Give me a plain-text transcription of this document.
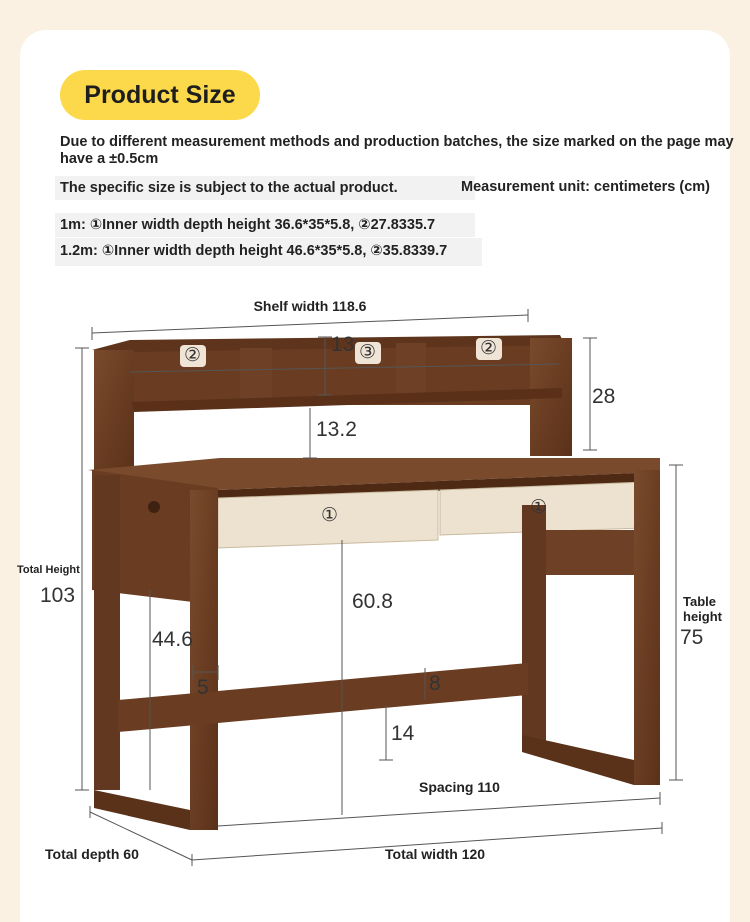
Product Size
Due to different measurement methods and production batches, the size marked on the page may have a ±0.5cm
The specific size is subject to the actual product.	Measurement unit: centimeters (cm)
1m: ①Inner width depth height 36.6*35*5.8, ②27.8335.7
1.2m: ①Inner width depth height 46.6*35*5.8, ②35.8339.7
②	③	②
①	①
Shelf width 118.6
13
28
13.2
Total Height
103	60.8
44.6
5	8
14
Table
height
75
Spacing 110
Total depth 60	Total width 120
